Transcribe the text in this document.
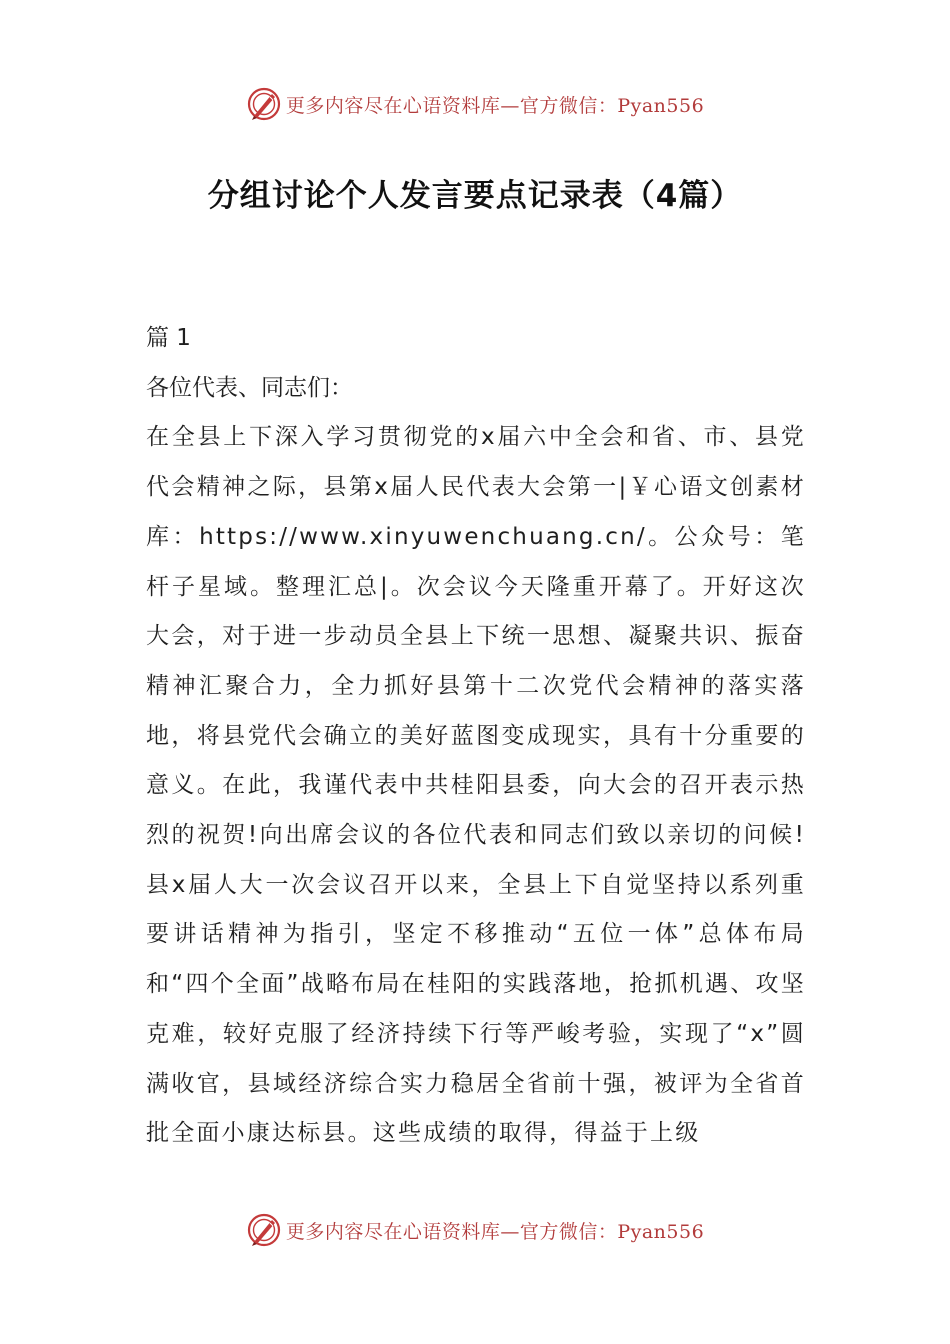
更多内容尽在心语资料库—官方微信：Pyan556
分组讨论个人发言要点记录表（4篇）

篇 1

各位代表、同志们：

在全县上下深入学习贯彻党的x届六中全会和省、市、县党代会精神之际，县第x届人民代表大会第一|￥心语文创素材库：https://www.xinyuwenchuang.cn/。公众号：笔杆子星域。整理汇总|。次会议今天隆重开幕了。开好这次大会，对于进一步动员全县上下统一思想、凝聚共识、振奋精神汇聚合力，全力抓好县第十二次党代会精神的落实落地，将县党代会确立的美好蓝图变成现实，具有十分重要的意义。在此，我谨代表中共桂阳县委，向大会的召开表示热烈的祝贺!向出席会议的各位代表和同志们致以亲切的问候!县x届人大一次会议召开以来，全县上下自觉坚持以系列重要讲话精神为指引，坚定不移推动“五位一体”总体布局和“四个全面”战略布局在桂阳的实践落地，抢抓机遇、攻坚克难，较好克服了经济持续下行等严峻考验，实现了“x”圆满收官，县域经济综合实力稳居全省前十强，被评为全省首批全面小康达标县。这些成绩的取得，得益于上级

更多内容尽在心语资料库—官方微信：Pyan556
